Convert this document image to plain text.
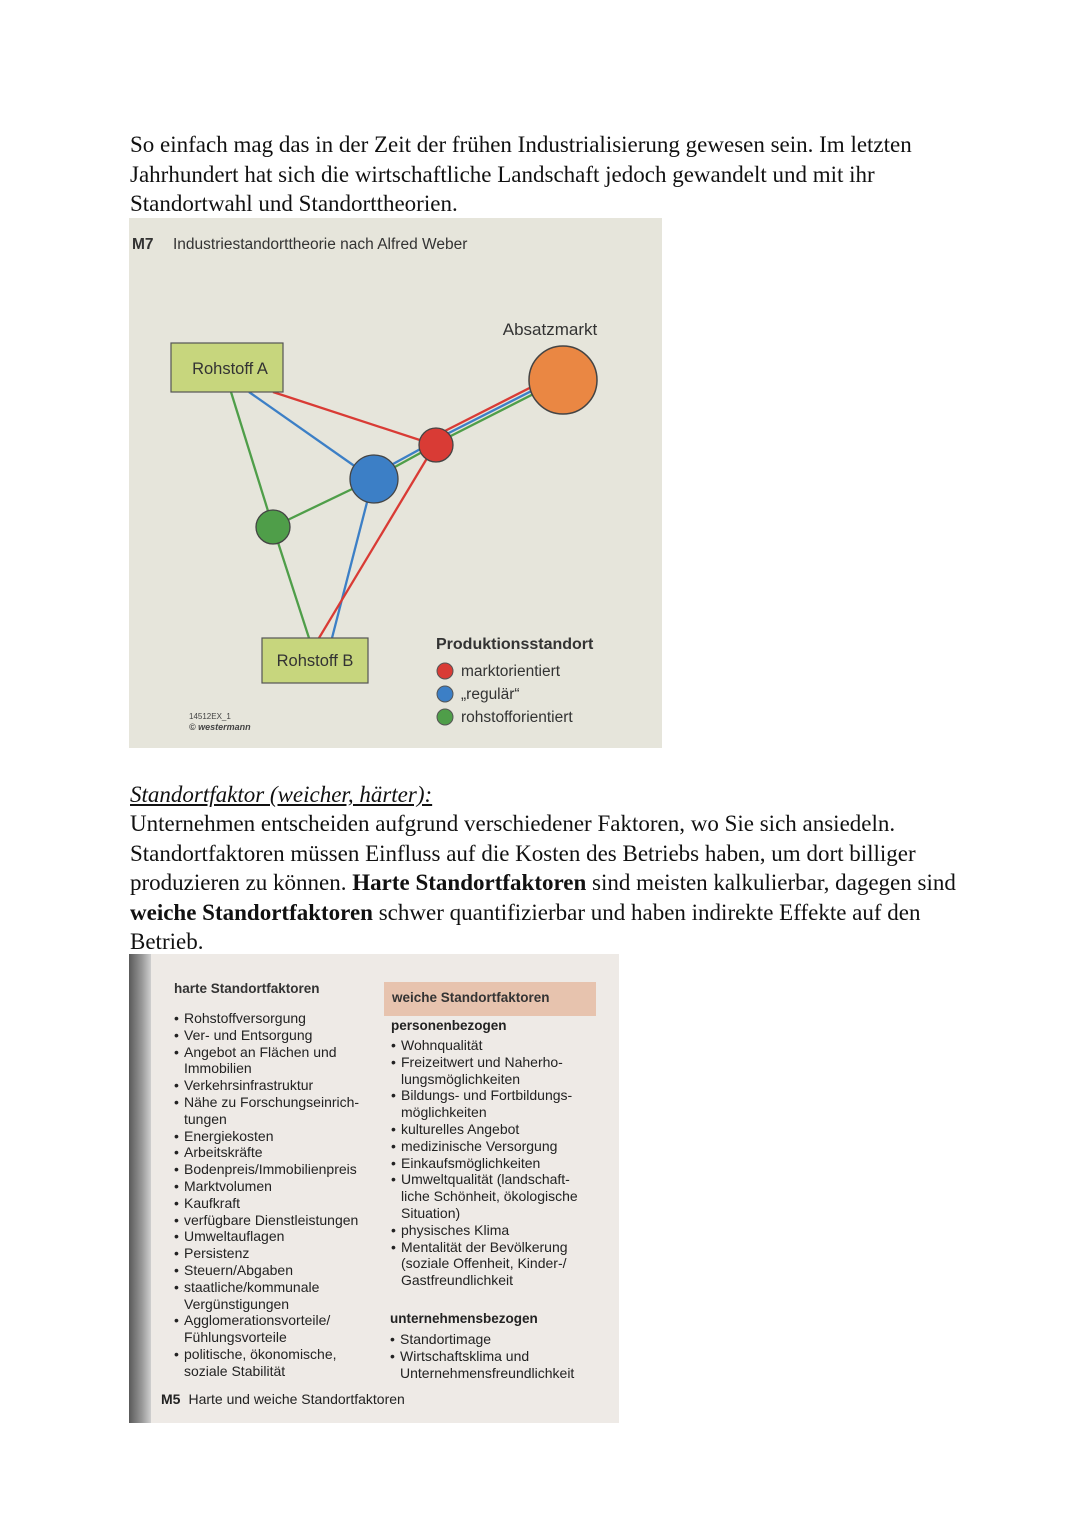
So einfach mag das in der Zeit der frühen Industrialisierung gewesen sein. Im letzten Jahrhundert hat sich die wirtschaftliche Landschaft jedoch gewandelt und mit ihr Standortwahl und Standorttheorien.

M7 Industriestandorttheorie nach Alfred Weber
Absatzmarkt
Rohstoff A
Rohstoff B
Produktionsstandort
marktorientiert
„regulär“
rohstofforientiert
14512EX_1
© westermann

Standortfaktor (weicher, härter):

Unternehmen entscheiden aufgrund verschiedener Faktoren, wo Sie sich ansiedeln. Standortfaktoren müssen Einfluss auf die Kosten des Betriebs haben, um dort billiger produzieren zu können. Harte Standortfaktoren sind meisten kalkulierbar, dagegen sind weiche Standortfaktoren schwer quantifizierbar und haben indirekte Effekte auf den Betrieb.

harte Standortfaktoren
weiche Standortfaktoren
• Rohstoffversorgung
• Ver- und Entsorgung
• Angebot an Flächen und Immobilien
• Verkehrsinfrastruktur
• Nähe zu Forschungseinrich-tungen
• Energiekosten
• Arbeitskräfte
• Bodenpreis/Immobilienpreis
• Marktvolumen
• Kaufkraft
• verfügbare Dienstleistungen
• Umweltauflagen
• Persistenz
• Steuern/Abgaben
• staatliche/kommunale Vergünstigungen
• Agglomerationsvorteile/ Fühlungsvorteile
• politische, ökonomische, soziale Stabilität
personenbezogen
• Wohnqualität
• Freizeitwert und Naherho-lungsmöglichkeiten
• Bildungs- und Fortbildungs-möglichkeiten
• kulturelles Angebot
• medizinische Versorgung
• Einkaufsmöglichkeiten
• Umweltqualität (landschaft-liche Schönheit, ökologische Situation)
• physisches Klima
• Mentalität der Bevölkerung (soziale Offenheit, Kinder-/ Gastfreundlichkeit
unternehmensbezogen
• Standortimage
• Wirtschaftsklima und Unternehmensfreundlichkeit
M5 Harte und weiche Standortfaktoren
